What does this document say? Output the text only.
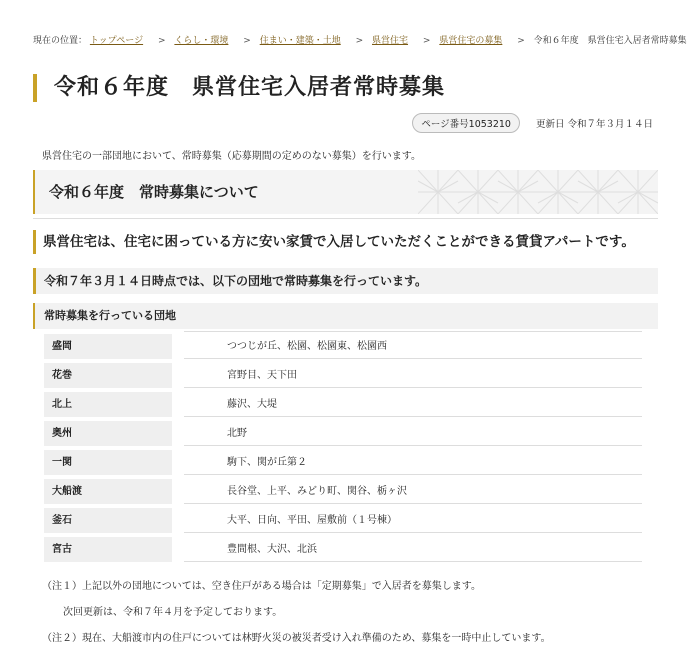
現在の位置： トップページ > くらし・環境 > 住まい・建築・土地 > 県営住宅 > 県営住宅の募集 > 令和６年度　県営住宅入居者常時募集
令和６年度　県営住宅入居者常時募集
ページ番号1053210	更新日 令和７年３月１４日

県営住宅の一部団地において、常時募集（応募期間の定めのない募集）を行います。

令和６年度　常時募集について
県営住宅は、住宅に困っている方に安い家賃で入居していただくことができる賃貸アパートです。
令和７年３月１４日時点では、以下の団地で常時募集を行っています。
常時募集を行っている団地
盛岡	つつじが丘、松園、松園東、松園西
花巻	宮野目、天下田
北上	藤沢、大堤
奥州	北野
一関	駒下、関が丘第２
大船渡	長谷堂、上平、みどり町、関谷、栃ヶ沢
釜石	大平、日向、平田、屋敷前（１号棟）
宮古	豊間根、大沢、北浜

（注１）上記以外の団地については、空き住戸がある場合は「定期募集」で入居者を募集します。

次回更新は、令和７年４月を予定しております。

（注２）現在、大船渡市内の住戸については林野火災の被災者受け入れ準備のため、募集を一時中止しています。
